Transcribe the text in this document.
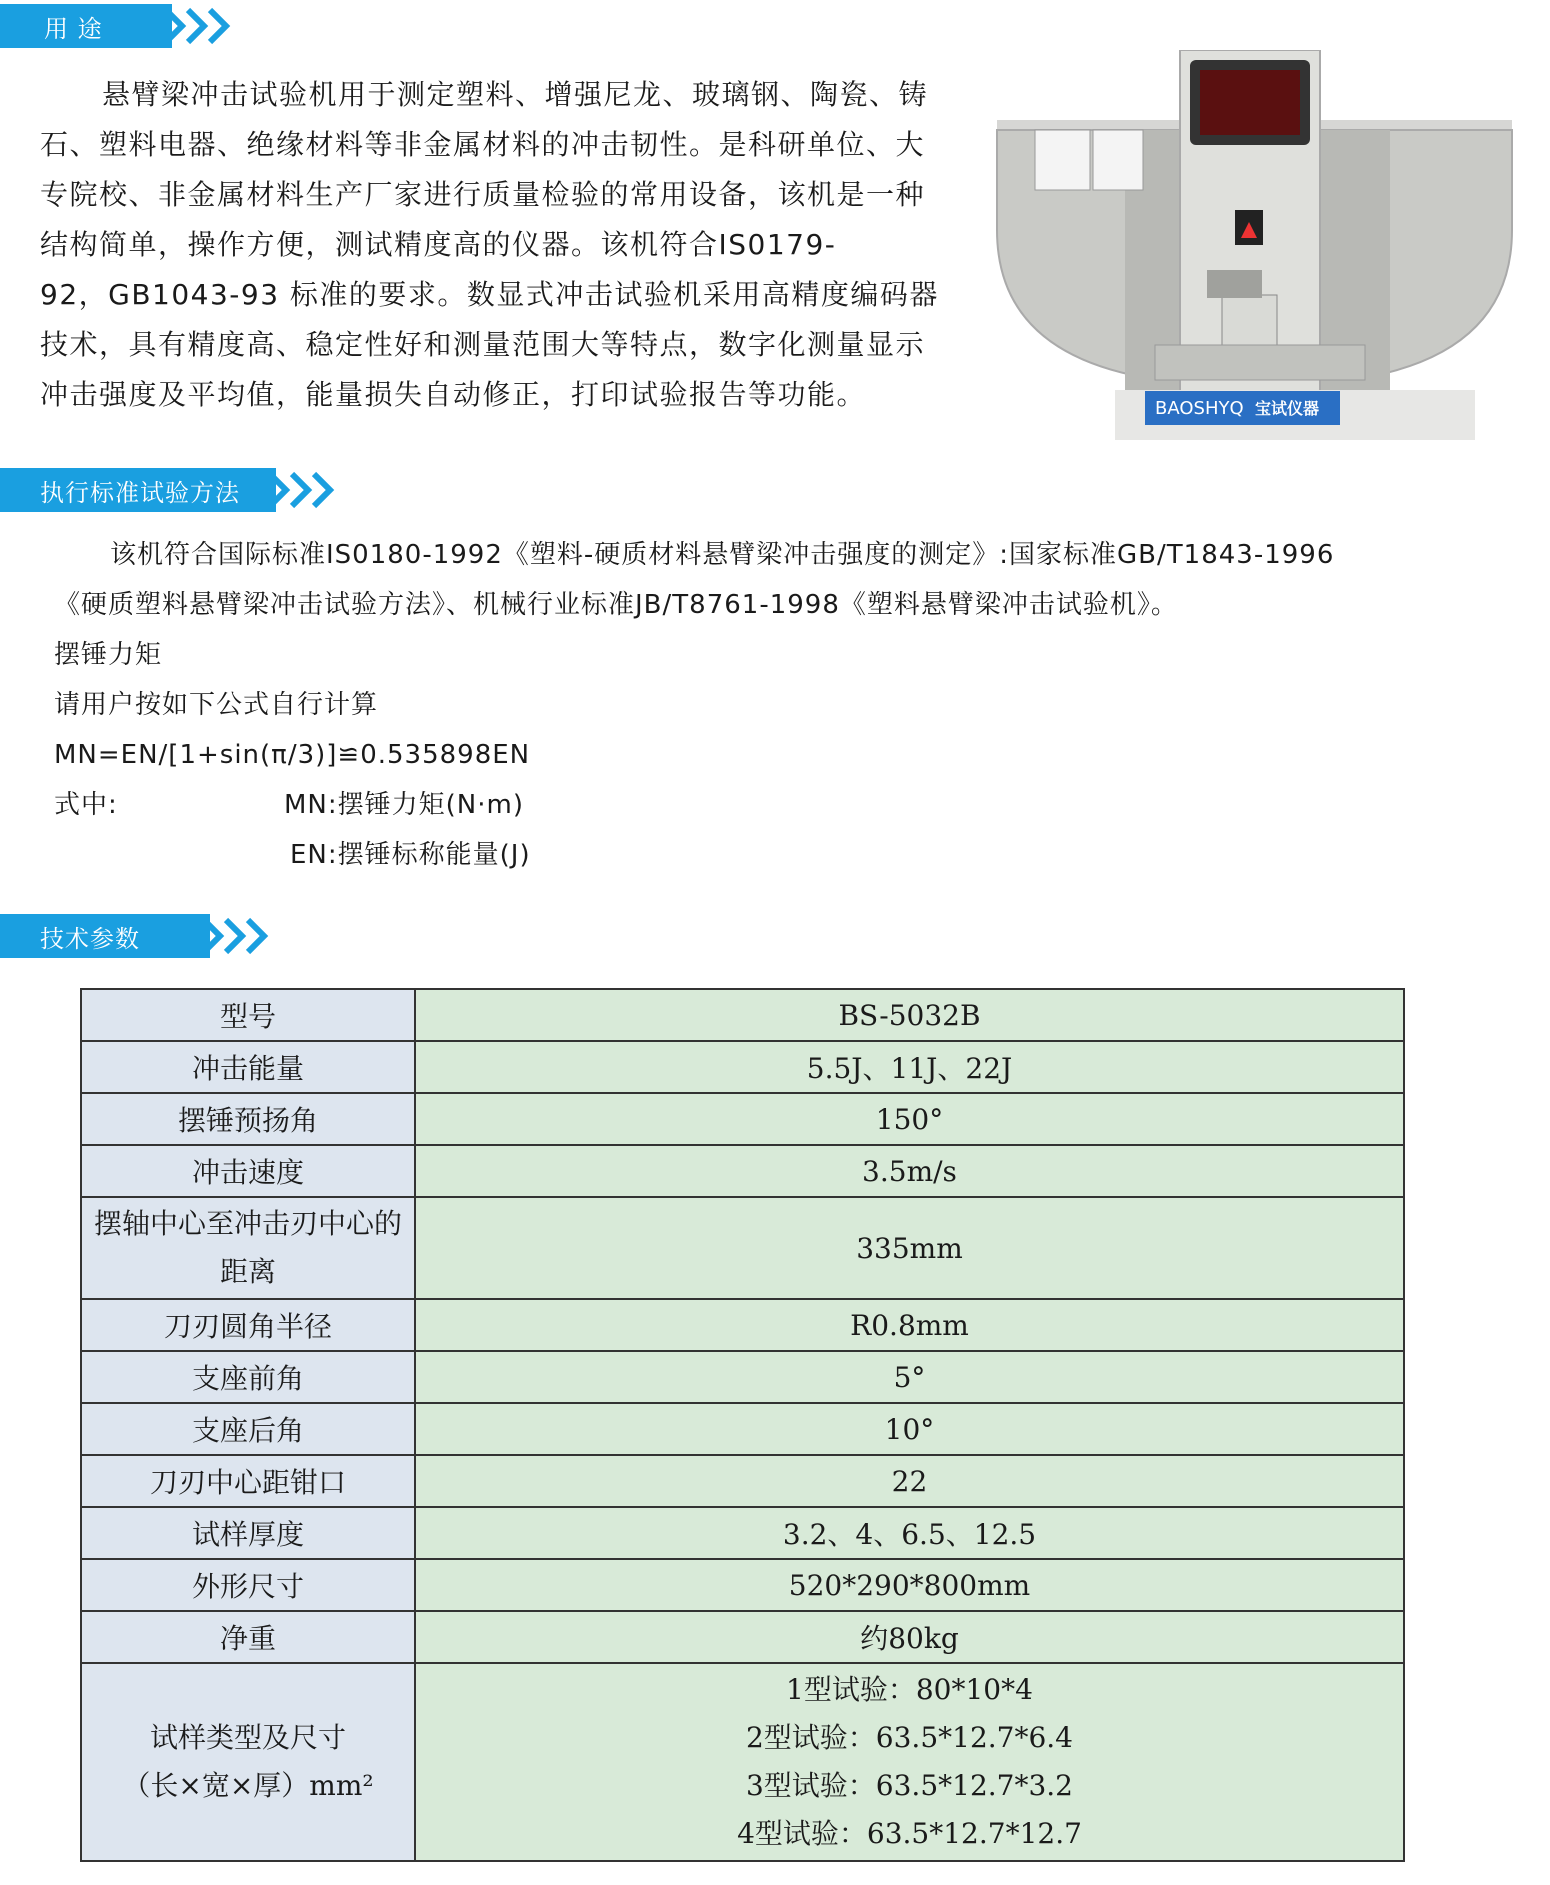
用 途
悬臂梁冲击试验机用于测定塑料、增强尼龙、玻璃钢、陶瓷、铸
石、塑料电器、绝缘材料等非金属材料的冲击韧性。是科研单位、大
专院校、非金属材料生产厂家进行质量检验的常用设备，该机是一种
结构简单，操作方便，测试精度高的仪器。该机符合IS0179-
92，GB1043-93 标准的要求。数显式冲击试验机采用高精度编码器
技术，具有精度高、稳定性好和测量范围大等特点，数字化测量显示
冲击强度及平均值，能量损失自动修正，打印试验报告等功能。	BAOSHYQ 宝试仪器
执行标准试验方法
该机符合国际标准IS0180-1992《塑料-硬质材料悬臂梁冲击强度的测定》:国家标准GB/T1843-1996
《硬质塑料悬臂梁冲击试验方法》、机械行业标准JB/T8761-1998《塑料悬臂梁冲击试验机》。
摆锤力矩
请用户按如下公式自行计算
MN=EN/[1+sin(π/3)]≌0.535898EN
式中:	MN:摆锤力矩(N·m)
EN:摆锤标称能量(J)
技术参数
型号	BS-5032B
冲击能量	5.5J、11J、22J
摆锤预扬角	150°
冲击速度	3.5m/s
摆轴中心至冲击刃中心的距离	335mm
刀刃圆角半径	R0.8mm
支座前角	5°
支座后角	10°
刀刃中心距钳口	22
试样厚度	3.2、4、6.5、12.5
外形尺寸	520*290*800mm
净重	约80kg

试样类型及尺寸
（长×宽×厚）mm²	1型试验：80*10*4
2型试验：63.5*12.7*6.4
3型试验：63.5*12.7*3.2
4型试验：63.5*12.7*12.7
